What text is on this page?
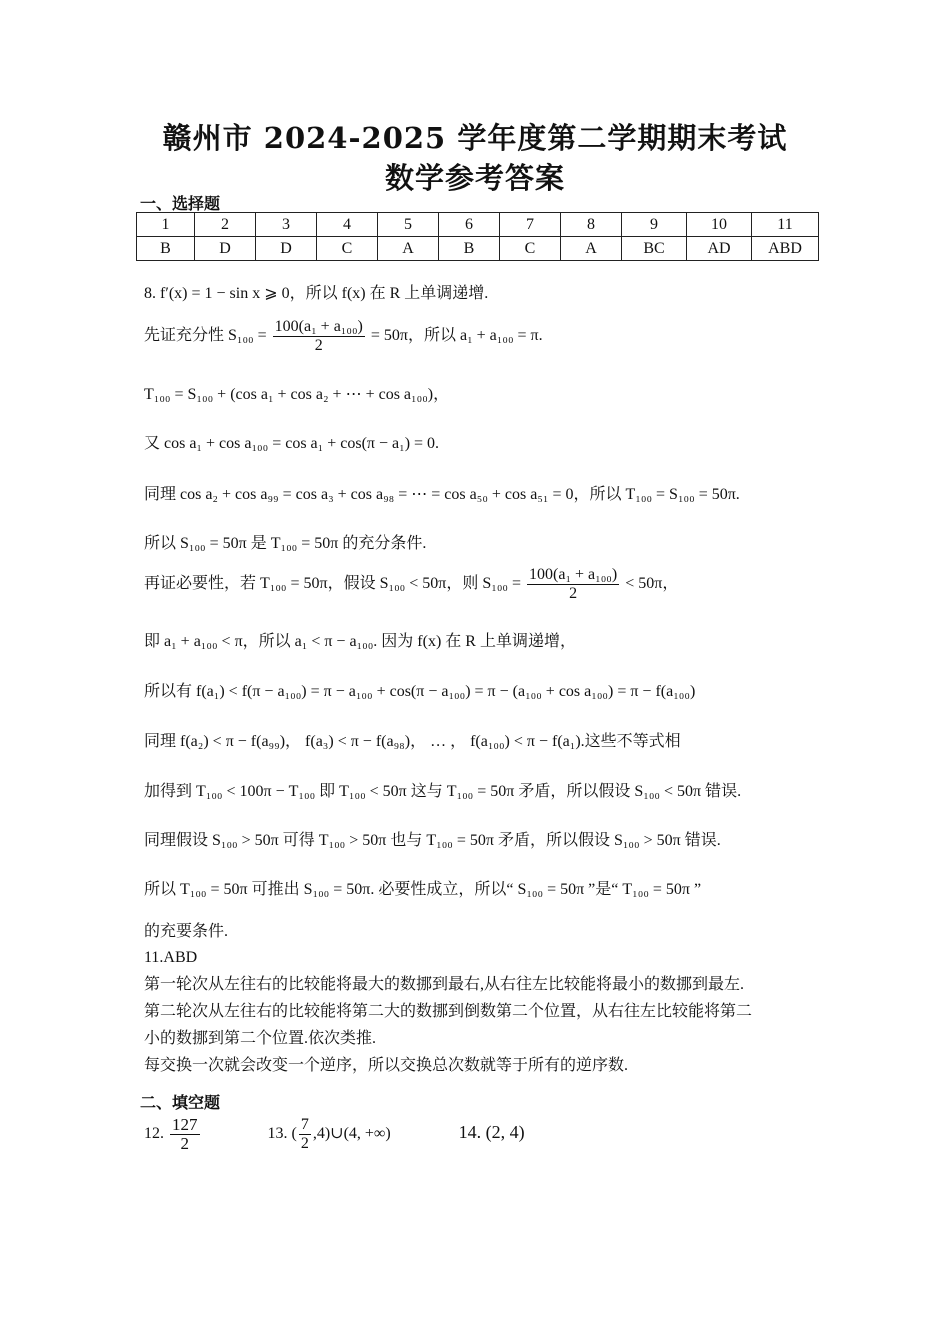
赣州市 2024-2025 学年度第二学期期末考试
数学参考答案
一、选择题
1	2	3	4	5	6	7	8	9	10	11
B	D	D	C	A	B	C	A	BC	AD	ABD
8. f′(x) = 1 − sin x ⩾ 0，所以 f(x) 在 R 上单调递增.
先证充分性 $S_{100} = \frac{\text{100(a₁ + a₁₀₀)}}{2} = 50\pi$，所以 a₁ + a₁₀₀ = π.
T₁₀₀ = S₁₀₀ + (cos a₁ + cos a₂ + ⋯ + cos a₁₀₀)，
又 cos a₁ + cos a₁₀₀ = cos a₁ + cos(π − a₁) = 0.
同理 cos a₂ + cos a₉₉ = cos a₃ + cos a₉₈ = ⋯ = cos a₅₀ + cos a₅₁ = 0，所以 T₁₀₀ = S₁₀₀ = 50π.
所以 S₁₀₀ = 50π 是 T₁₀₀ = 50π 的充分条件.
再证必要性，若 T₁₀₀ = 50π，假设 S₁₀₀ < 50π，则 $S_{100} = \frac{\text{100(a₁ + a₁₀₀)}}{2} < 50\pi$，
即 a₁ + a₁₀₀ < π，所以 a₁ < π − a₁₀₀. 因为 f(x) 在 R 上单调递增，
所以有 f(a₁) < f(π − a₁₀₀) = π − a₁₀₀ + cos(π − a₁₀₀) = π − (a₁₀₀ + cos a₁₀₀) = π − f(a₁₀₀)
同理 f(a₂) < π − f(a₉₉)， f(a₃) < π − f(a₉₈)， … ， f(a₁₀₀) < π − f(a₁).这些不等式相
加得到 T₁₀₀ < 100π − T₁₀₀ 即 T₁₀₀ < 50π 这与 T₁₀₀ = 50π 矛盾，所以假设 S₁₀₀ < 50π 错误.
同理假设 S₁₀₀ > 50π 可得 T₁₀₀ > 50π 也与 T₁₀₀ = 50π 矛盾，所以假设 S₁₀₀ > 50π 错误.
所以 T₁₀₀ = 50π 可推出 S₁₀₀ = 50π. 必要性成立，所以“ S₁₀₀ = 50π ”是“ T₁₀₀ = 50π ”
的充要条件.
11.ABD
第一轮次从左往右的比较能将最大的数挪到最右,从右往左比较能将最小的数挪到最左.
第二轮次从左往右的比较能将第二大的数挪到倒数第二个位置，从右往左比较能将第二
小的数挪到第二个位置.依次类推.
每交换一次就会改变一个逆序，所以交换总次数就等于所有的逆序数.
二、填空题
12. $\frac{127}{2}$	13. ( $\frac{7}{2}$ ,4)∪(4, +∞)	14. (2, 4)
